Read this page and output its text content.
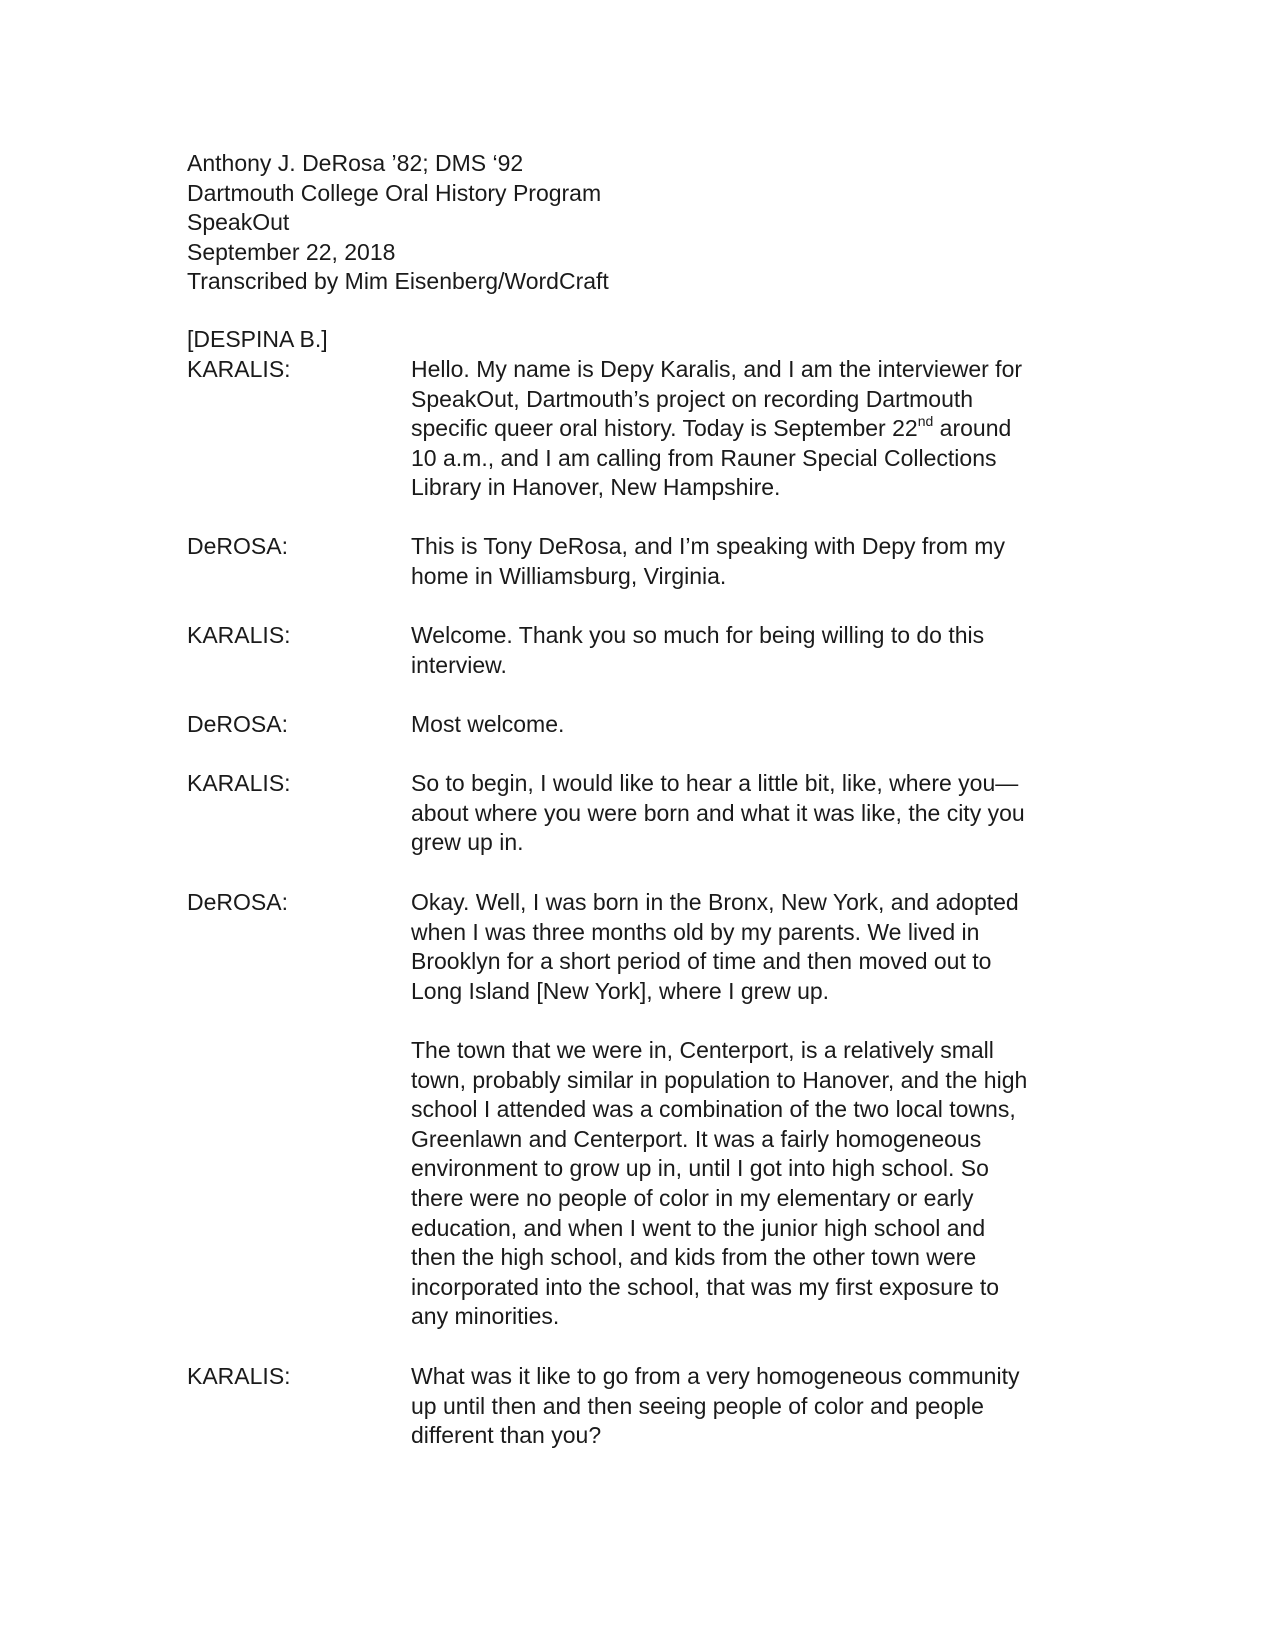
Anthony J. DeRosa ’82; DMS ‘92
Dartmouth College Oral History Program
SpeakOut
September 22, 2018
Transcribed by Mim Eisenberg/WordCraft
[DESPINA B.]
KARALIS:	Hello. My name is Depy Karalis, and I am the interviewer for
SpeakOut, Dartmouth’s project on recording Dartmouth
specific queer oral history. Today is September 22nd around
10 a.m., and I am calling from Rauner Special Collections
Library in Hanover, New Hampshire.
DeROSA:	This is Tony DeRosa, and I’m speaking with Depy from my
home in Williamsburg, Virginia.
KARALIS:	Welcome. Thank you so much for being willing to do this
interview.
DeROSA:	Most welcome.
KARALIS:	So to begin, I would like to hear a little bit, like, where you—
about where you were born and what it was like, the city you
grew up in.
DeROSA:	Okay. Well, I was born in the Bronx, New York, and adopted
when I was three months old by my parents. We lived in
Brooklyn for a short period of time and then moved out to
Long Island [New York], where I grew up.
The town that we were in, Centerport, is a relatively small
town, probably similar in population to Hanover, and the high
school I attended was a combination of the two local towns,
Greenlawn and Centerport. It was a fairly homogeneous
environment to grow up in, until I got into high school. So
there were no people of color in my elementary or early
education, and when I went to the junior high school and
then the high school, and kids from the other town were
incorporated into the school, that was my first exposure to
any minorities.
KARALIS:	What was it like to go from a very homogeneous community
up until then and then seeing people of color and people
different than you?
